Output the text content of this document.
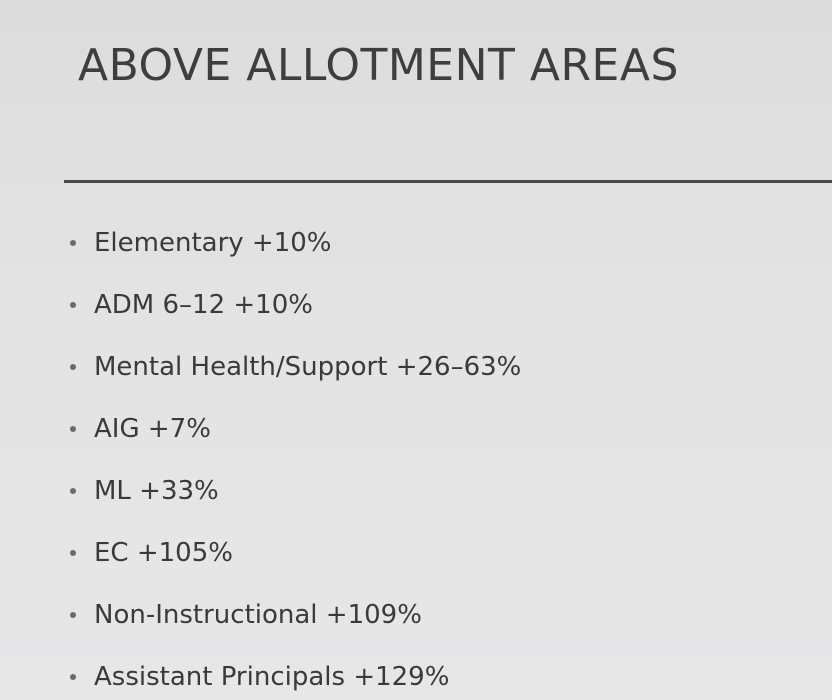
ABOVE ALLOTMENT AREAS
Elementary +10%
ADM 6–12 +10%
Mental Health/Support +26–63%
AIG +7%
ML +33%
EC +105%
Non-Instructional +109%
Assistant Principals +129%
